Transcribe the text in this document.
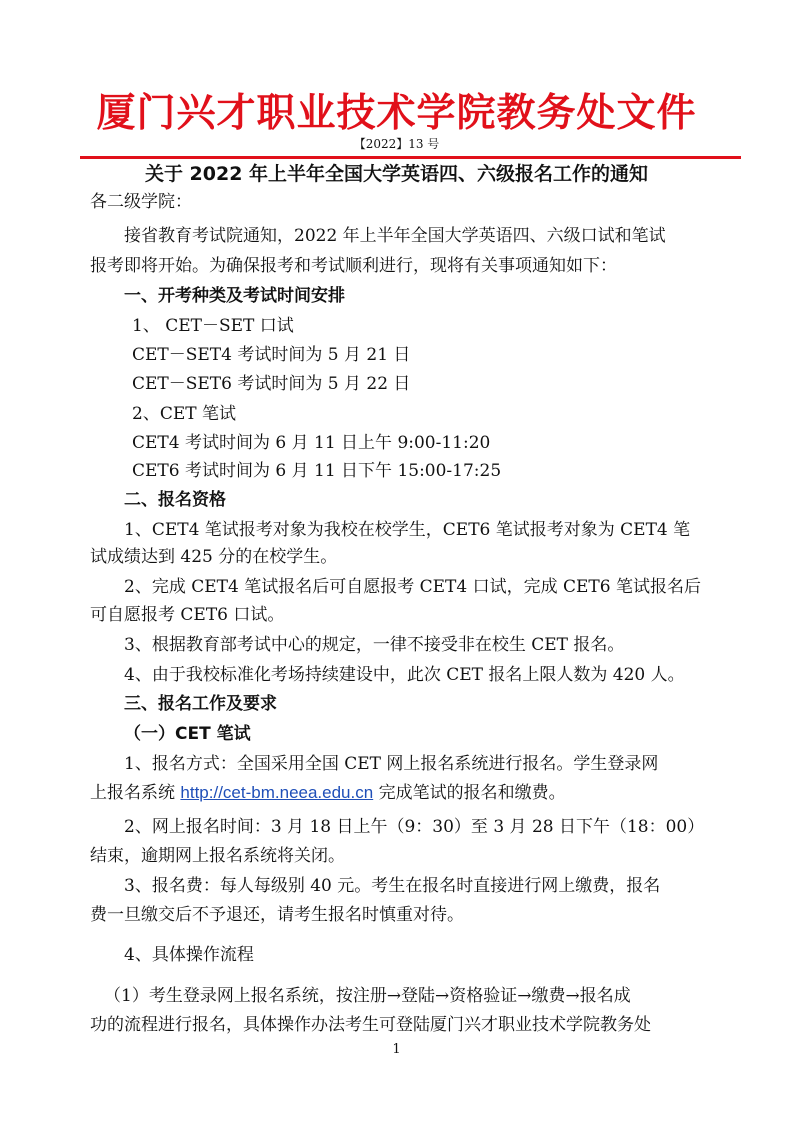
厦门兴才职业技术学院教务处文件
【2022】13 号
关于 2022 年上半年全国大学英语四、六级报名工作的通知
各二级学院：
接省教育考试院通知，2022 年上半年全国大学英语四、六级口试和笔试
报考即将开始。为确保报考和考试顺利进行，现将有关事项通知如下：
一、开考种类及考试时间安排
1、 CET－SET 口试
CET－SET4 考试时间为 5 月 21 日
CET－SET6 考试时间为 5 月 22 日
2、CET 笔试
CET4 考试时间为 6 月 11 日上午 9:00-11:20
CET6 考试时间为 6 月 11 日下午 15:00-17:25
二、报名资格
1、CET4 笔试报考对象为我校在校学生，CET6 笔试报考对象为 CET4 笔
试成绩达到 425 分的在校学生。
2、完成 CET4 笔试报名后可自愿报考 CET4 口试，完成 CET6 笔试报名后
可自愿报考 CET6 口试。
3、根据教育部考试中心的规定，一律不接受非在校生 CET 报名。
4、由于我校标准化考场持续建设中，此次 CET 报名上限人数为 420 人。
三、报名工作及要求
（一）CET 笔试
1、报名方式：全国采用全国 CET 网上报名系统进行报名。学生登录网
上报名系统 http://cet-bm.neea.edu.cn 完成笔试的报名和缴费。
2、网上报名时间：3 月 18 日上午（9：30）至 3 月 28 日下午（18：00）
结束，逾期网上报名系统将关闭。
3、报名费：每人每级别 40 元。考生在报名时直接进行网上缴费，报名
费一旦缴交后不予退还，请考生报名时慎重对待。
4、具体操作流程
（1）考生登录网上报名系统，按注册→登陆→资格验证→缴费→报名成
功的流程进行报名，具体操作办法考生可登陆厦门兴才职业技术学院教务处
1
